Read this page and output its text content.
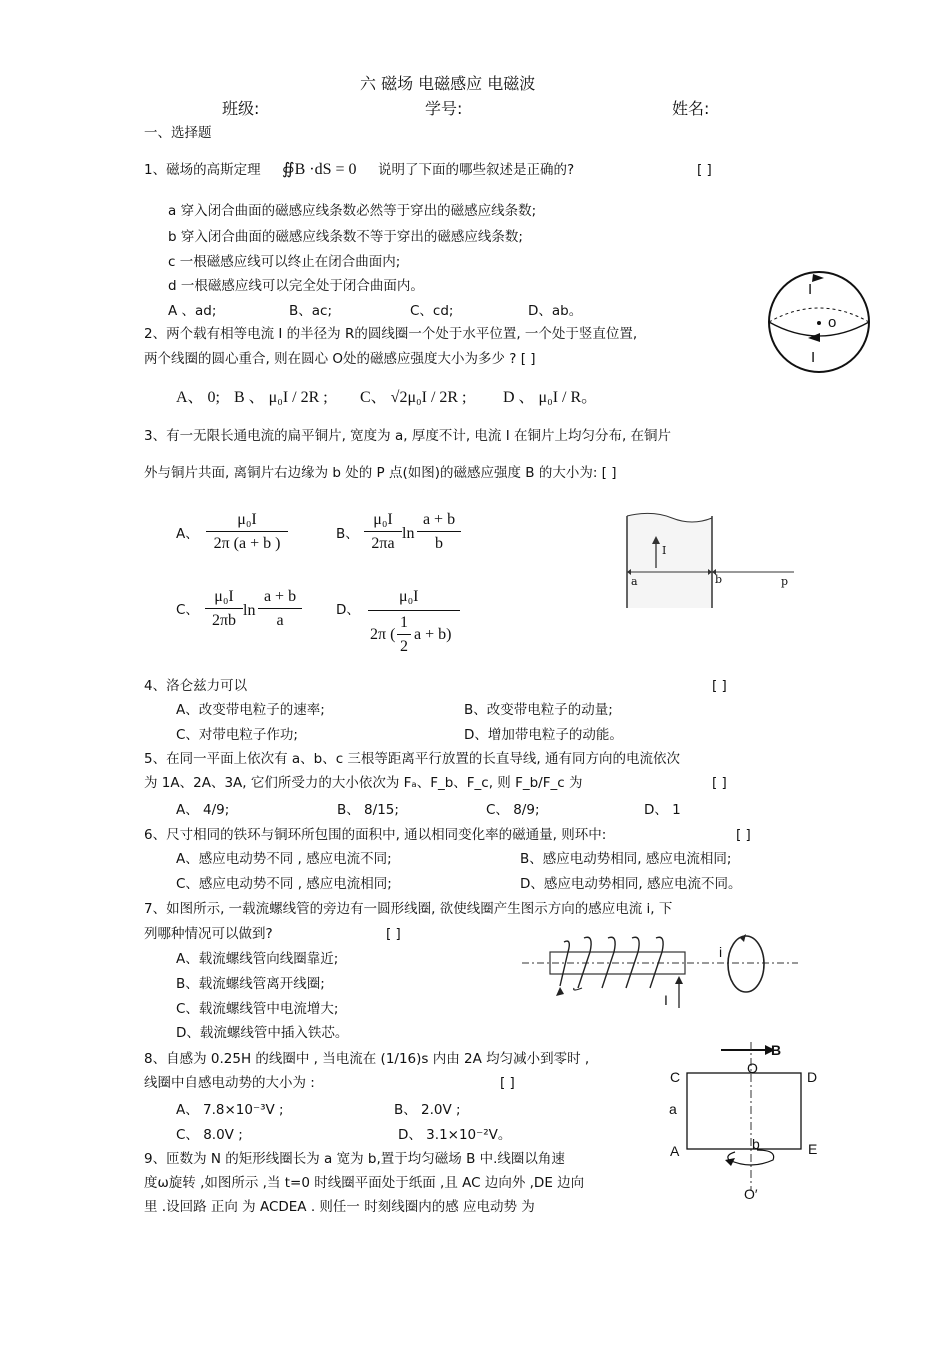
六 磁场 电磁感应 电磁波
班级:	学号:	姓名:
一、选择题
1、磁场的高斯定理 ∯B ·dS = 0 说明了下面的哪些叙述是正确的?	[ ]
a 穿入闭合曲面的磁感应线条数必然等于穿出的磁感应线条数;
b 穿入闭合曲面的磁感应线条数不等于穿出的磁感应线条数;
c 一根磁感应线可以终止在闭合曲面内;
d 一根磁感应线可以完全处于闭合曲面内。
A 、ad;	B、ac;	C、cd;	D、ab。
I
o
I
2、两个载有相等电流 I 的半径为 R的圆线圈一个处于水平位置, 一个处于竖直位置,
两个线圈的圆心重合, 则在圆心 O处的磁感应强度大小为多少 ? [ ]
A、 0; B 、 μ₀I / 2R ; C、 √2μ₀I / 2R ; D 、 μ₀I / R。
3、有一无限长通电流的扁平铜片, 宽度为 a, 厚度不计, 电流 I 在铜片上均匀分布, 在铜片
外与铜片共面, 离铜片右边缘为 b 处的 P 点(如图)的磁感应强度 B 的大小为: [ ]
A、
μ₀I
2π (a + b )
B、
μ₀I
2πa
ln
a + b
b
C、
μ₀I
2πb
ln
a + b
a
D、
μ₀I
2π (
1
2
a + b)
I
a	b	p
4、洛仑兹力可以	[ ]
A、改变带电粒子的速率;	B、改变带电粒子的动量;
C、对带电粒子作功;	D、增加带电粒子的动能。
5、在同一平面上依次有 a、b、c 三根等距离平行放置的长直导线, 通有同方向的电流依次
为 1A、2A、3A, 它们所受力的大小依次为 Fₐ、F_b、F_c, 则 F_b/F_c 为	[ ]
A、 4/9;	B、 8/15;	C、 8/9;	D、 1
6、尺寸相同的铁环与铜环所包围的面积中, 通以相同变化率的磁通量, 则环中:	[ ]
A、感应电动势不同 , 感应电流不同;	B、感应电动势相同, 感应电流相同;
C、感应电动势不同 , 感应电流相同;	D、感应电动势相同, 感应电流不同。
7、如图所示, 一载流螺线管的旁边有一圆形线圈, 欲使线圈产生图示方向的感应电流 i, 下
列哪种情况可以做到?	[ ]
A、载流螺线管向线圈靠近;
B、载流螺线管离开线圈;
C、载流螺线管中电流增大;
D、载流螺线管中插入铁芯。
i
I
8、自感为 0.25H 的线圈中 , 当电流在 (1/16)s 内由 2A 均匀减小到零时 ,
线圈中自感电动势的大小为 :	[ ]
A、 7.8×10⁻³V ;	B、 2.0V ;
C、 8.0V ;	D、 3.1×10⁻²V。
9、匝数为 N 的矩形线圈长为 a 宽为 b,置于均匀磁场 B 中.线圈以角速
度ω旋转 ,如图所示 ,当 t=0 时线圈平面处于纸面 ,且 AC 边向外 ,DE 边向
里 .设回路 正向 为 ACDEA . 则任一 时刻线圈内的感 应电动势 为
B
O
C	D
a
b
A	E
O′
